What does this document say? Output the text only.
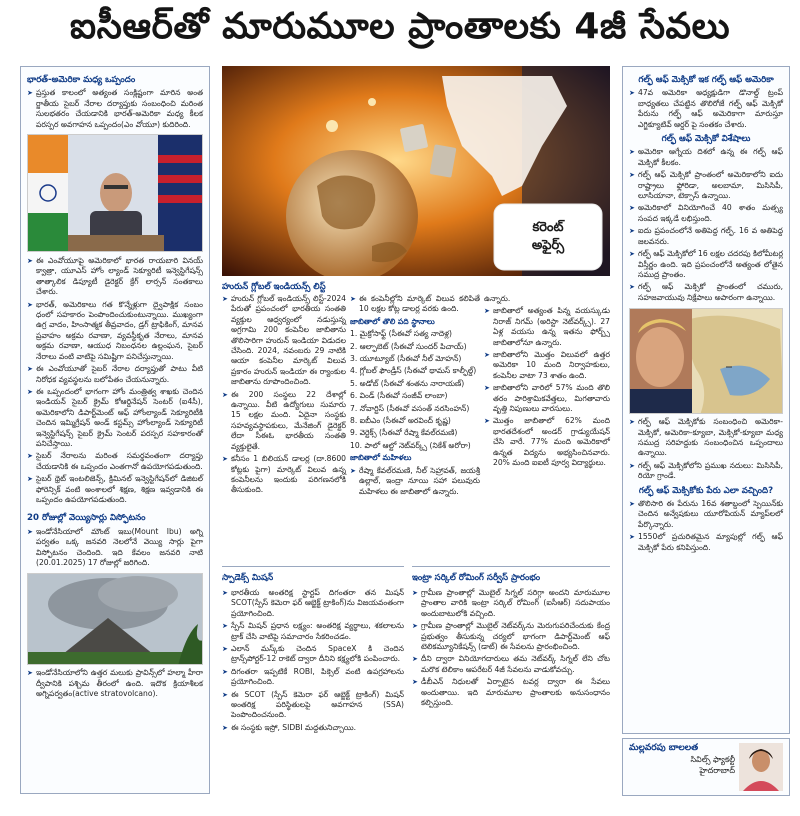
ఐసీఆర్‌తో మారుమూల ప్రాంతాలకు 4జీ సేవలు
భారత్‌-అమెరికా మధ్య ఒప్పందం
➤ ప్రస్తుత కాలంలో అత్యంత సంక్లిష్టంగా మారిన అంత ర్జాతీయ సైబర్‌ నేరాల దర్యాప్తుకు సంబంధించి మరింత సులభతరం చేయడానికి భారత్‌-అమెరికా మధ్య కీలక పరస్పర అవగాహన ఒప్పందం(ఎం వోయూ) కుదిరింది.

➤ ఈ ఎంవోయూపై అమెరికాలో భారత రాయబారి వినయ్‌ క్వాత్రా, యూఎస్‌ హోం ల్యాండ్‌ సెక్యూరిటీ ఇన్వెస్టిగేషన్స్‌ తాత్కాలిక డిప్యూటీ డైరెక్టర్‌ క్రేగ్‌ లార్సన్‌ సంతకాలు చేశారు.

➤ భారత్‌, అమెరికాలు గత కొన్నేళ్లుగా ద్వైపాక్షిక సంబం ధంలో సహకారం పెంపొందించుకుంటున్నాయి. ముఖ్యంగా ఉగ్ర వాదం, హింసాత్మక తీవ్రవాదం, డ్రగ్‌ ట్రాఫికింగ్‌, మానవ ప్రవాహం అక్రమ రవాణా, వ్యవస్థీకృత నేరాలు, మానవ అక్రమ రవాణా, ఆయుధ నిబంధనల ఉల్లంఘన, సైబర్‌ నేరాలు వంటి వాటిపై సమిష్టిగా పనిచేస్తున్నాయి.

➤ ఈ ఎంవోయూతో సైబర్‌ నేరాల దర్యాప్తుతో పాటు వీటి నిరోధక వ్యవస్థలను బలోపేతం చేయనున్నారు.

➤ ఈ ఒప్పందంలో భాగంగా హోం మంత్రిత్వ శాఖకు చెందిన ఇండియన్‌ సైబర్‌ క్రైమ్‌ కోఆర్డినేషన్‌ సెంటర్‌ (ఐ4సీ), అమెరికాలోని డిపార్ట్‌మెంట్‌ ఆఫ్‌ హోంల్యాండ్‌ సెక్యూరిటీకి చెందిన ఇమ్మిగ్రేషన్‌ అండ్‌ కస్టమ్స్‌ హోంల్యాండ్‌ సెక్యూరిటీ ఇన్వెస్టిగేషన్స్‌ సైబర్‌ క్రైమ్‌ సెంటర్‌ పరస్పర సహకారంతో పనిచేస్తాయి.

➤ సైబర్‌ నేరాలను మరింత సమర్థవంతంగా దర్యాప్తు చేయడానికి ఈ ఒప్పందం ఎంతగానో ఉపయోగపడుతుంది.

➤ సైబర్‌ థ్రెట్‌ ఇంటలిజెన్స్‌, క్రిమినల్‌ ఇన్వెస్టిగేషన్‌లో డిజిటల్‌ ఫోరెన్సిక్‌ వంటి అంశాలలో శిక్షణ, శిక్షణ ఇవ్వడానికి ఈ ఒప్పందం ఉపయోగపడుతుంది.

20 రోజుల్లో వెయ్యిసార్లు విస్ఫోటనం
➤ ఇండోనేసియాలో మౌంట్‌ ఇబు(Mount Ibu) అగ్ని పర్వతం ఒక్క జనవరి నెలలోనే వెయ్యి సార్లు పైగా విస్ఫోటనం చెందింది. ఇది కేవలం జనవరి నాటి (20.01.2025) 17 రోజుల్లో జరిగింది.

➤ ఇండోనేసియాలోని ఉత్తర మలుకు ప్రావిన్స్‌లో హల్మా హీరా ద్వీపానికి పశ్చిమ తీరంలో ఉంది. ఇదొక క్రియాశీలక అగ్నిపర్వతం(active stratovolcano).

కరెంట్
అఫైర్స్‌
హురున్‌ గ్లోబల్‌ ఇండియన్స్‌ లిస్ట్‌
➤ హురున్‌ గ్లోబల్‌ ఇండియన్స్‌ లిస్ట్‌-2024 పేరుతో ప్రపంచంలో భారతీయ సంతతి వ్యక్తుల ఆధ్వర్యంలో నడుస్తున్న అగ్రగామి 200 కంపెనీల జాబితాను తొలిసారిగా హురున్‌ ఇండియా విడుదల చేసింది. 2024, నవంబరు 29 నాటికి ఆయా కంపెనీల మార్కెట్‌ విలువ ప్రకారం హురున్‌ ఇండియా ఈ ర్యాంకుల జాబితాను రూపొందించింది.

➤ ఈ 200 సంస్థలు 22 దేశాల్లో ఉన్నాయి. వీటి ఉద్యోగులు సుమారు 15 లక్షల మంది. ఏదైనా సంస్థకు సహవ్యవస్థాపకులు, మేనేజింగ్‌ డైరెక్టర్‌ లేదా సీఈఓ భారతీయ సంతతి వ్యక్తులైతే.

➤ కనీసం 1 బిలియన్‌ డాలర్ల (దా.8600 కోట్లకు పైగా) మార్కెట్‌ విలువ ఉన్న కంపెనీలను ఇందుకు పరిగణనలోకి తీసుకుంది.

➤ ఈ కంపెనీల్లోని మార్కెట్‌ విలువ కలిపితే 10 లక్షల కోట్ల డాలర్ల వరకు ఉంది.

జాబితాలో తొలి పది స్థానాలు

1. మైక్రోసాఫ్ట్‌ (సీఈవో సత్య నాదెళ్ల)

2. ఆల్ఫాబెట్‌ (సీఈవో సుందర్‌ పిచాయ్‌)

3. యూట్యూబ్‌ (సీఈవో నీల్‌ మోహన్‌)

4. గ్లోబల్‌ ఫౌండ్రీస్‌ (సీఈవో థామస్‌ కాల్ఫీల్డ్‌)

5. అడోబ్‌ (సీఈవో శంతను నారాయణ్‌)

6. విండ్‌ (సీఈవో సంజీవ్‌ లాంబా)

7. నోవార్టిస్‌ (సీఈవో వసంత్‌ నరసింహన్‌)

8. ఐబీఎం (సీఈవో అరవింద్‌ కృష్ణ)

9. వెర్టెక్స్‌ (సీఈవో రేష్మా కేవల్‌రమణి)

10. పాలో ఆల్టో నెట్‌వర్క్స్‌ (నికేశ్‌ అరోరా)

జాబితాలో మహిళలు

➤ రేష్మా కేవల్‌రమణి, నీల్‌ సెహ్రావత్‌, జయశ్రీ ఉల్లాల్‌, ఇంద్రా నూయి సహా పలువురు మహిళలు ఈ జాబితాలో ఉన్నారు.

ఉన్నారు.

➤ జాబితాలో అత్యంత పిన్న వయస్కుడు నిరాజ్‌ నిగమ్‌ (అరిస్టా నెట్‌వర్క్స్‌). 27 ఏళ్ల వయసు ఉన్న ఇతను ఫోర్బ్స్‌ జాబితాలోనూ ఉన్నారు.

➤ జాబితాలోని మొత్తం విలువలో ఉత్తర అమెరికా 10 మంది నిర్వాహకులు, కంపెనీల వాటా 73 శాతం ఉంది.

➤ జాబితాలోని వారిలో 57% మంది తొలి తరం పారిశ్రామికవేత్తలు, మిగతావారు వృత్తి నిపుణులు వారసులు.

➤ మొత్తం జాబితాలో 62% మంది భారతదేశంలో అండర్‌ గ్రాడ్యుయేషన్‌ చేసి వారే. 77% మంది అమెరికాలో ఉన్నత విద్యను అభ్యసించినవారు. 20% మంది ఐఐటీ పూర్వ విద్యార్థులు.

స్పాడెక్స్‌ మిషన్‌
➤ భారతీయ అంతరిక్ష స్టార్టప్‌ దిగంతరా తన మిషన్‌ SCOT(స్పేస్‌ కెమెరా ఫర్‌ ఆబ్జెక్ట్‌ ట్రాకింగ్‌)ను విజయవంతంగా ప్రయోగించింది.

➤ స్పేస్‌ మిషన్‌ ప్రధాన లక్ష్యం: అంతరిక్ష వ్యర్థాలు, శకలాలను ట్రాక్‌ చేసి వాటిపై సమాచారం సేకరించడం.

➤ ఎలాన్‌ మస్క్‌కు చెందిన SpaceX కి చెందిన ట్రాన్స్‌పోర్టర్‌-12 రాకెట్‌ ద్వారా దీనిని కక్ష్యలోకి పంపించారు.

➤ దిగంతరా ఇప్పటికే ROBI, పిక్సెల్‌ వంటి ఉపగ్రహాలను ప్రయోగించింది.

➤ ఈ SCOT (స్పేస్‌ కెమెరా ఫర్‌ ఆబ్జెక్ట్‌ ట్రాకింగ్‌) మిషన్‌ అంతరిక్ష పరిస్థితులపై అవగాహన (SSA) పెంపొందించనుంది.

➤ ఈ సంస్థకు ఇస్రో, SIDBI మద్దతునిచ్చాయి.

ఇంట్రా సర్కిల్‌ రోమింగ్‌ సర్వీస్‌ ప్రారంభం
➤ గ్రామీణ ప్రాంతాల్లో మొబైల్‌ సిగ్నల్‌ సరిగ్గా అందని మారుమూల ప్రాంతాల వారికి ఇంట్రా సర్కిల్‌ రోమింగ్‌ (ఐసీఆర్‌) సదుపాయం అందుబాటులోకి వచ్చింది.

➤ గ్రామీణ ప్రాంతాల్లో మొబైల్‌ నెట్‌వర్క్‌ను మెరుగుపరిచేందుకు కేంద్ర ప్రభుత్వం తీసుకున్న చర్యలో భాగంగా డిపార్ట్‌మెంట్‌ ఆఫ్‌ టెలికమ్యూనికేషన్స్‌ (డాట్‌) ఈ సేవలను ప్రారంభించింది.

➤ దీని ద్వారా వినియోగదారులు తమ నెట్‌వర్క్‌ సిగ్నల్‌ లేని చోట మరొక టెలికాం ఆపరేటర్‌ 4జీ సేవలను వాడుకోవచ్చు.

➤ డీబీఎన్‌ నిధులతో ఏర్పాటైన టవర్ల ద్వారా ఈ సేవలు అందుతాయి. ఇది మారుమూల ప్రాంతాలకు అనుసంధానం కల్పిస్తుంది.

గల్ఫ్‌ ఆఫ్‌ మెక్సికో ఇక గల్ఫ్‌ ఆఫ్‌ అమెరికా
➤ 47వ అమెరికా అధ్యక్షుడిగా డొనాల్డ్‌ ట్రంప్‌ బాధ్యతలు చేపట్టిన తొలిరోజే గల్ఫ్‌ ఆఫ్‌ మెక్సికో పేరును గల్ఫ్‌ ఆఫ్‌ అమెరికాగా మారుస్తూ ఎగ్జిక్యూటివ్‌ ఆర్డర్‌ పై సంతకం చేశారు.

గల్ఫ్‌ ఆఫ్‌ మెక్సికో విశేషాలు
➤ అమెరికా ఆగ్నేయ దిశలో ఉన్న ఈ గల్ఫ్‌ ఆఫ్‌ మెక్సికో కీలకం.

➤ గల్ఫ్‌ ఆఫ్‌ మెక్సికో ప్రాంతంలో అమెరికాలోని ఐదు రాష్ట్రాలు ఫ్లోరిడా, అలబామా, మిసిసిపీ, లూసియానా, టెక్సాస్‌ ఉన్నాయి.

➤ అమెరికాలో వినియోగించే 40 శాతం మత్స్య సంపద ఇక్కడే లభిస్తుంది.

➤ ఐదు ప్రపంచంలోనే అతిపెద్ద గల్ఫ్‌. 16 వ అతిపెద్ద జలవనరు.

➤ గల్ఫ్‌ ఆఫ్‌ మెక్సికోలో 16 లక్షల చదరపు కిలోమీటర్ల విస్తీర్ణం ఉంది. ఇది ప్రపంచంలోనే అత్యంత లోతైన సముద్ర ప్రాంతం.

➤ గల్ఫ్‌ ఆఫ్‌ మెక్సికో ప్రాంతంలో చమురు, సహజవాయువు నిక్షేపాలు అపారంగా ఉన్నాయి.

➤ గల్ఫ్‌ ఆఫ్‌ మెక్సికోకు సంబంధించి అమెరికా-మెక్సికో, అమెరికా-క్యూబా, మెక్సికో-క్యూబా మధ్య సముద్ర సరిహద్దుకు సంబంధించిన ఒప్పందాలు ఉన్నాయి.

➤ గల్ఫ్‌ ఆఫ్‌ మెక్సికోలోని ప్రముఖ నదులు: మిసిసిపీ, రియో గ్రాండే.

గల్ఫ్‌ ఆఫ్‌ మెక్సికోకు పేరు ఎలా వచ్చింది?
➤ తొలిసారి ఈ పేరును 16వ శతాబ్దంలో స్పెయిన్‌కు చెందిన అన్వేషకులు యూరోపియన్‌ మ్యాప్‌లలో పేర్కొన్నారు.

➤ 1550లో ప్రచురితమైన మ్యాపుల్లో గల్ఫ్‌ ఆఫ్‌ మెక్సికో పేరు కనిపిస్తుంది.

మల్లవరపు బాలలత

సివిల్స్‌ ఫ్యాకల్టీ

హైదరాబాద్‌
